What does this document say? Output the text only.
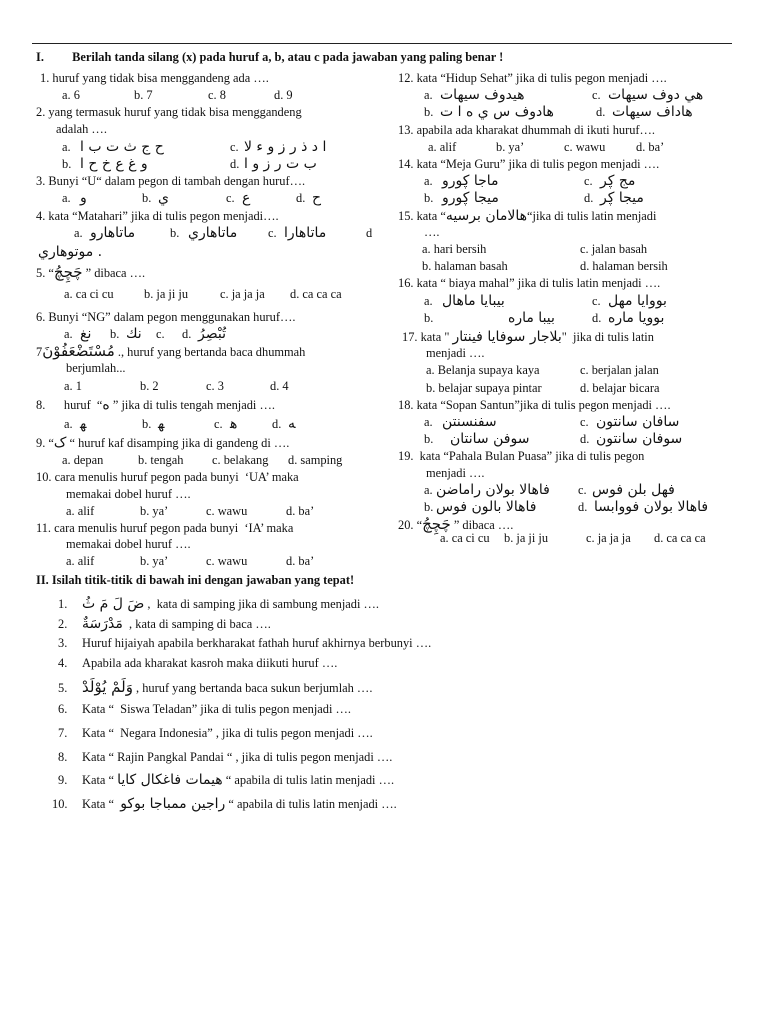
I. Berilah tanda silang (x) pada huruf a, b, atau c pada jawaban yang paling benar !
1. huruf yang tidak bisa menggandeng ada ….
a. 6	b. 7	c. 8	d. 9
2. yang termasuk huruf yang tidak bisa menggandeng
adalah ….
a. ح ج ث ت ب ا	c. ا د ذ ر ز و ء لا
b. و غ ع خ ح ا	d. ب ت ر ز و ا
3. Bunyi “U“ dalam pegon di tambah dengan huruf….
a. و	b. ي	c. ع	d. ح
4. kata “Matahari” jika di tulis pegon menjadi….
a. ماتاهارو	b. ماتاهاري	c. ماتاهارا	d
موتوهاري .
5. “چَچِچُ ” dibaca ….
a. ca ci cu	b. ja ji ju	c. ja ja ja	d. ca ca ca
6. Bunyi “NG” dalam pegon menggunakan huruf….
a. نغ	b. نك	c.	d. تُبْصِرُ
7مُسْتَضْعَفُوْنَ ., huruf yang bertanda baca dhummah
berjumlah...
a. 1	b. 2	c. 3	d. 4
8.      huruf  “ه ” jika di tulis tengah menjadi ….
a. ﻬ	b. ﻬ	c. ﻫ	d. ﻪ
9. “ک “ huruf kaf disamping jika di gandeng di ….
a. depan	b. tengah	c. belakang	d. samping
10. cara menulis huruf pegon pada bunyi  ‘UA’ maka
memakai dobel huruf ….
a. alif	b. ya’	c. wawu	d. ba’
11. cara menulis huruf pegon pada bunyi  ‘IA’ maka
memakai dobel huruf ….
a. alif	b. ya’	c. wawu	d. ba’
12. kata “Hidup Sehat” jika di tulis pegon menjadi ….
a. هيدوف سيهات	c. هي دوف سيهات
b. هادوف س ي ه ا ت	d. هاداف سيهات
13. apabila ada kharakat dhummah di ikuti huruf….
a. alif	b. ya’	c. wawu	d. ba’
14. kata “Meja Guru” jika di tulis pegon menjadi ….
a. ماجا ڮورو	c. مج ڮر
b. ميجا ڮورو	d. ميجا ڮر
15. kata “هالامان برسيه“jika di tulis latin menjadi
….
a. hari bersih	c. jalan basah
b. halaman basah	d. halaman bersih
16. kata “ biaya mahal” jika di tulis latin menjadi ….
a. بيبايا ماهال	c. بووايا مهل
b.	بيبا ماره	d. بوويا ماره
17. kata " بلاجار سوفايا فينتار"  jika di tulis latin
menjadi ….
a. Belanja supaya kaya	c. berjalan jalan
b. belajar supaya pintar	d. belajar bicara
18. kata “Sopan Santun”jika di tulis pegon menjadi ….
a. سفنسنتن	c. سافان سانتون
b.	سوفن سانتان	d. سوفان سانتون
19.  kata “Pahala Bulan Puasa” jika di tulis pegon
menjadi ….
a. فاهالا بولان راماضن	c. فهل بلن فوس
b. فاهالا بالون فوس	d. فاهالا بولان فووابسا
20. “چَچِچُ ” dibaca ….
a. ca ci cu	b. ja ji ju	c. ja ja ja	d. ca ca ca
II. Isilah titik-titik di bawah ini dengan jawaban yang tepat!
1.	ضَ لَ مَ ثُ ,  kata di samping jika di sambung menjadi ….
2.	مَدْرَسَةٌ , kata di samping di baca ….
3.	Huruf hijaiyah apabila berkharakat fathah huruf akhirnya berbunyi ….
4.	Apabila ada kharakat kasroh maka diikuti huruf ….
5. وَلَمْ يُوْلَدْ , huruf yang bertanda baca sukun berjumlah ….
6.	Kata “  Siswa Teladan” jika di tulis pegon menjadi ….
7.	Kata “  Negara Indonesia” , jika di tulis pegon menjadi ….
8.	Kata “ Rajin Pangkal Pandai “ , jika di tulis pegon menjadi ….
9.	Kata “ هيمات فاغكال كايا “ apabila di tulis latin menjadi ….
10.	Kata “ راجين ممباجا بوكو “ apabila di tulis latin menjadi ….
